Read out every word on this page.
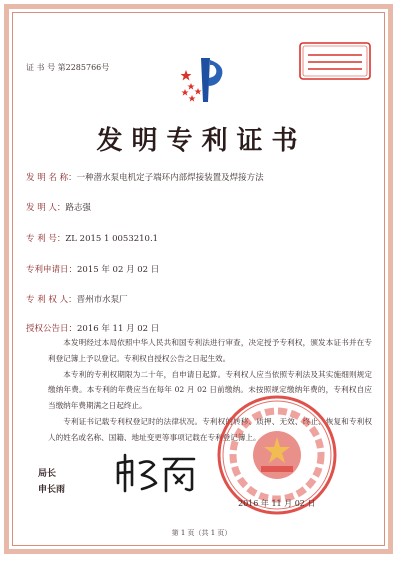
证 书 号 第2285766号
发明专利证书
发 明 名 称：一种潜水泵电机定子端环内部焊接装置及焊接方法
发 明 人：路志强
专 利 号：ZL 2015 1 0053210.1
专利申请日：2015 年 02 月 02 日
专 利 权 人：晋州市水泵厂
授权公告日：2016 年 11 月 02 日

本发明经过本局依照中华人民共和国专利法进行审查，决定授予专利权，颁发本证书并在专利登记簿上予以登记。专利权自授权公告之日起生效。

本专利的专利权期限为二十年，自申请日起算。专利权人应当依照专利法及其实施细则规定缴纳年费。本专利的年费应当在每年 02 月 02 日前缴纳。未按照规定缴纳年费的，专利权自应当缴纳年费期满之日起终止。

专利证书记载专利权登记时的法律状况。专利权的转移、质押、无效、终止、恢复和专利权人的姓名或名称、国籍、地址变更等事项记载在专利登记簿上。

局长
申长雨
2016 年 11 月 02 日
第 1 页（共 1 页）
